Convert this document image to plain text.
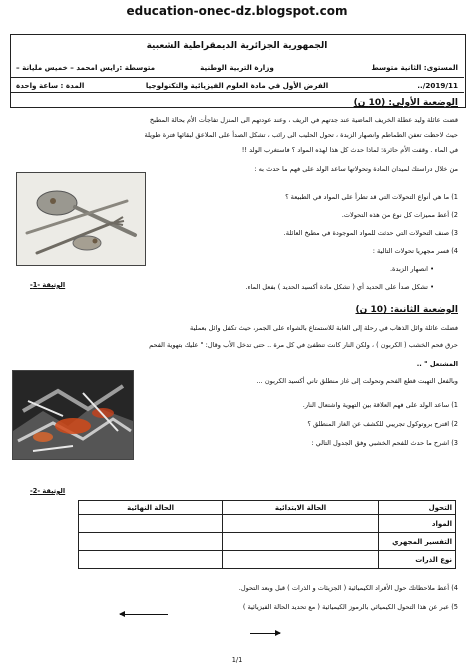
education-onec-dz.blogspot.com
الجمهورية الجزائرية الديمقراطية الشعبية
المستوى: الثانية متوسط
وزارة التربية الوطنية
متوسطة :رايس امحمد – خميس مليانة –
2019/11/..
الفرض الأول في مادة العلوم الفيزيائية والتكنولوجيا
المدة : ساعة واحدة
الوضعية الأولى: (10 ن)
قضت عائلة وليد عطلة الخريف الماضية عند جدتهم في الريف ، وعند عودتهم الى المنزل تفاجأت الأم بحالة المطبخ
حيث لاحظت تعفن الطماطم وانصهار الزبدة ، تحول الحليب الى رائب ، تشكل الصدأ على الملاعق لبقائها فترة طويلة
في الماء . وقفت الأم حائرة: لماذا حدث كل هذا لهذه المواد ؟ فاستغرب الولد !!
من خلال دراستك لميدان المادة وتحولاتها ساعد الولد على فهم ما حدث به :
الوثيقة -1-
1) ما هي أنواع التحولات التي قد تطرأ على المواد في الطبيعة ؟
2) أعط مميزات كل نوع من هذه التحولات.
3) صنف التحولات التي حدثت للمواد الموجودة في مطبخ العائلة.
4) فسر مجهريا تحولات التالية :
• انصهار الزبدة.
• تشكل صدأ على الحديد أي ( تشكل مادة أكسيد الحديد ) بفعل الماء.
الوضعية الثانية: (10 ن)
فضلت عائلة وائل الذهاب في رحلة إلى الغابة للاستمتاع بالشواء على الجمر، حيث تكفل وائل بعملية
حرق فحم الخشب ( الكربون ) ، ولكن النار كانت تنطفئ في كل مرة .. حتى تدخل الأب وقال: " عليك بتهوية الفحم
المشتعل " ..
وبالفعل التهبت قطع الفحم وتحولت إلى غاز منطلق تاني أكسيد الكربون ...
الوثيقة -2-
1) ساعد الولد على فهم العلاقة بين التهوية واشتعال النار.
2) اقترح بروتوكول تجريبي للكشف عن الغاز المنطلق ؟
3) اشرح ما حدث للفحم الخشبي وفق الجدول التالي :
التحول	الحالة الابتدائية	الحالة النهائية
المواد		
التفسير المجهري		
نوع الذرات		
4) أعط ملاحظاتك حول الأفراد الكيميائية ( الجزيئات و الذرات ) قبل وبعد التحول.
5) عبر عن هذا التحول الكيميائي بالرموز الكيميائية ( مع تحديد الحالة الفيزيائية )
1/1
